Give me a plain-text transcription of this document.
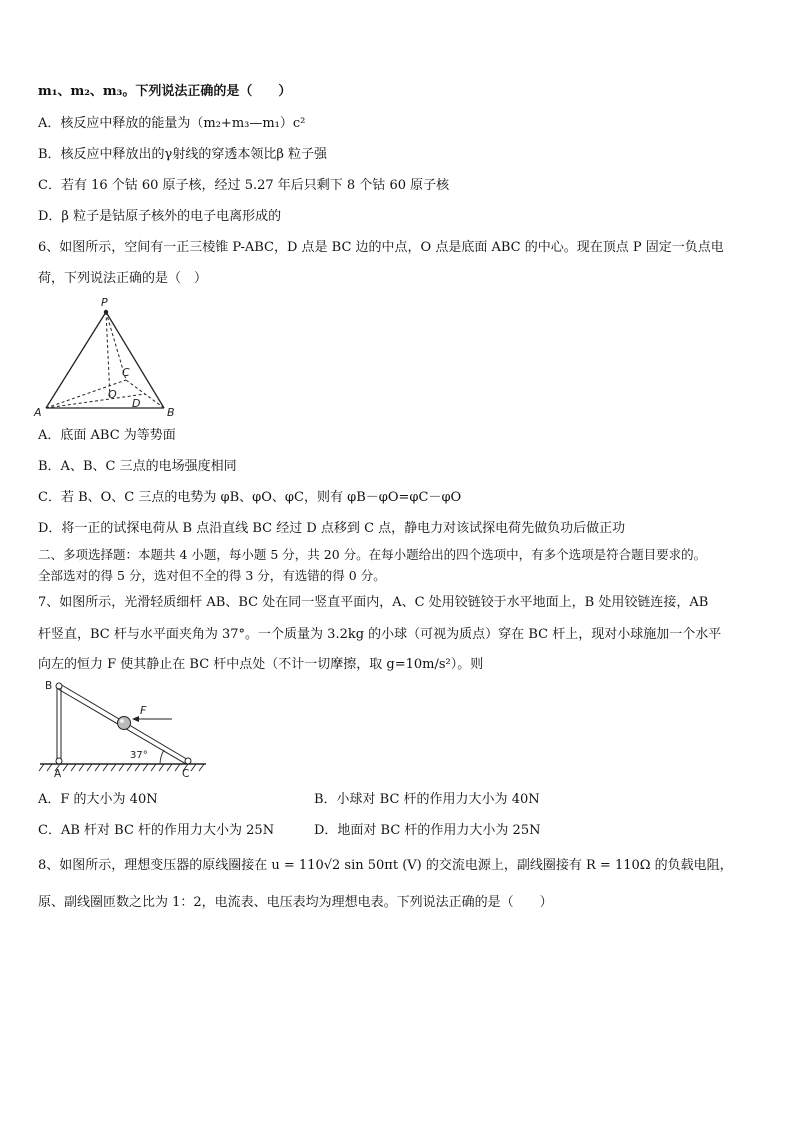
m₁、m₂、m₃。下列说法正确的是（　　）
A．核反应中释放的能量为（m₂+m₃—m₁）c²
B．核反应中释放出的γ射线的穿透本领比β 粒子强
C．若有 16 个钴 60 原子核，经过 5.27 年后只剩下 8 个钴 60 原子核
D．β 粒子是钴原子核外的电子电离形成的
6、如图所示，空间有一正三棱锥 P-ABC，D 点是 BC 边的中点，O 点是底面 ABC 的中心。现在顶点 P 固定一负点电
荷，下列说法正确的是（　）
P
A	B
C
O
D
A．底面 ABC 为等势面
B．A、B、C 三点的电场强度相同
C．若 B、O、C 三点的电势为 φB、φO、φC，则有 φB－φO=φC－φO
D．将一正的试探电荷从 B 点沿直线 BC 经过 D 点移到 C 点，静电力对该试探电荷先做负功后做正功
二、多项选择题：本题共 4 小题，每小题 5 分，共 20 分。在每小题给出的四个选项中，有多个选项是符合题目要求的。
全部选对的得 5 分，选对但不全的得 3 分，有选错的得 0 分。
7、如图所示，光滑轻质细杆 AB、BC 处在同一竖直平面内，A、C 处用铰链铰于水平地面上，B 处用铰链连接，AB
杆竖直，BC 杆与水平面夹角为 37°。一个质量为 3.2kg 的小球（可视为质点）穿在 BC 杆上，现对小球施加一个水平
向左的恒力 F 使其静止在 BC 杆中点处（不计一切摩擦，取 g=10m/s²）。则
F
37°
B
A	C
A．F 的大小为 40N	B．小球对 BC 杆的作用力大小为 40N
C．AB 杆对 BC 杆的作用力大小为 25N	D．地面对 BC 杆的作用力大小为 25N
8、如图所示，理想变压器的原线圈接在 u = 110√2 sin 50πt (V) 的交流电源上，副线圈接有 R = 110Ω 的负载电阻，
原、副线圈匝数之比为 1：2，电流表、电压表均为理想电表。下列说法正确的是（　　）
